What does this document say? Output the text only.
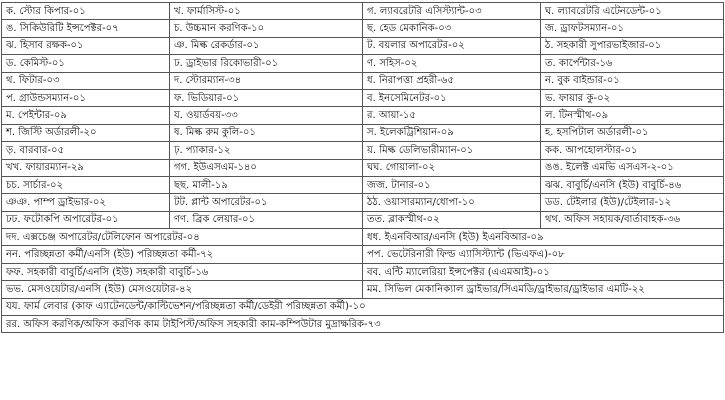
ক. স্টোর কিপার-০১	খ. ফার্মাসিস্ট-০১	গ. ল্যাবরেটরি এসিস্ট্যান্ট-০৩	ঘ. ল্যাবরেটরি এটেনডেন্ট-০১
ঙ. সিকিউরিটি ইন্সপেক্টর-০৭	চ. উচ্চমান করণিক-১০	ছ. হেড মেকানিক-০৩	জ. ড্রাফটসম্যান-০১
ঝ. হিসাব রক্ষক-০১	ঞ. মিল্ক রেকর্ডার-০১	ট. বয়লার অপারেটর-০২	ঠ. সহকারী সুপারভাইজার-০১
ড. কেমিস্ট-০১	ঢ. ড্রাইভার রিকোভারী-০১	ণ. সহিস-০২	ত. কার্পেন্টার-১৬
থ. ফিটার-০৩	দ. স্টোরম্যান-৩৪	ধ. নিরাপত্তা প্রহরী-৬৫	ন. বুক বাইন্ডার-০১
প. গ্রাউন্ডসম্যান-০১	ফ. ভিডিয়ার-০১	ব. ইনসেমিনেটর-০১	ভ. ফায়ার কু-০২
ম. পেইন্টার-০৯	য. ওয়ার্ডবয়-৩৩	র. আয়া-১৫	ল. টিনস্মীথ-০৯
শ. জিস্টি অর্ডারলী-২০	ষ. মিল্ক রুম কুলি-০১	স. ইলেকট্রিশিয়ান-০৯	হ. হসপিটাল অর্ডারলী-০১
ড়. বারবার-০৫	ঢ়. প্যাকার-১২	য়. মিল্ক ডেলিভারীম্যান-০১	কক. আপহোলস্টার-০১
খখ. ফায়ারম্যান-২৯	গগ. ইউএসএম-১৪০	ঘঘ. গোয়ালা-০২	ঙঙ. ইলেক্ট এমভি এসএস-২-০১
চচ. সার্চার-০২	ছছ. মালী-১৯	জজ. টানার-০১	ঝঝ. বাবুর্চি/এনসি (ইউ) বাবুর্চি-৪৬
ঞঞ. পাম্প ড্রাইভার-০২	টট. প্লান্ট অপারেটর-০১	ঠঠ. ওয়াসারম্যান/ধোপা-১০	ডড. টেইলার (ইউ)/টেইলার-১২
ঢঢ. ফটোকপি অপারেটর-০১	ণণ. ব্রিক লেয়ার-০১	তত. ব্লাকস্মীথ-০২	থথ. অফিস সহায়ক/বার্তাবাহক-৩৬
দদ. এক্সচেঞ্জ অপারেটর/টেলিফোন অপারেটর-০৪		ধধ. ইএনবিআর/এনসি (ইউ) ইএনবিআর-০৯	
নন. পরিচ্ছন্নতা কর্মী/এনসি (ইউ) পরিচ্ছন্নতা কর্মী-৭২		পপ. ভেটেরিনারী ফিল্ড এ্যাসিস্ট্যান্ট (ভিএফএ)-০৮	
ফফ. সহকারী বাবুর্চি/এনসি (ইউ) সহকারী বাবুর্চি-১৬		বব. এন্টি ম্যালেরিয়া ইন্সপেক্টর (এএমআই)-০১	
ভভ. মেসওয়েটার/এনসি (ইউ) মেসওয়েটার-৪২		মম. সিভিল মেকানিক্যাল ড্রাইভার/সিএমডি/ড্রাইভার/ড্রাইভার এমটি-২২	
যয. ফার্ম লেবার (কাফ এ্যাটেনডেন্ট/কাল্টিভেশন/পরিচ্ছন্নতা কর্মী/ডেইরী পরিচ্ছন্নতা কর্মী)-১০			
রর. অফিস করণিক/অফিস করণিক কাম টাইপিস্ট/অফিস সহকারী কাম-কম্পিউটার মুদ্রাক্ষরিক-৭৩			
